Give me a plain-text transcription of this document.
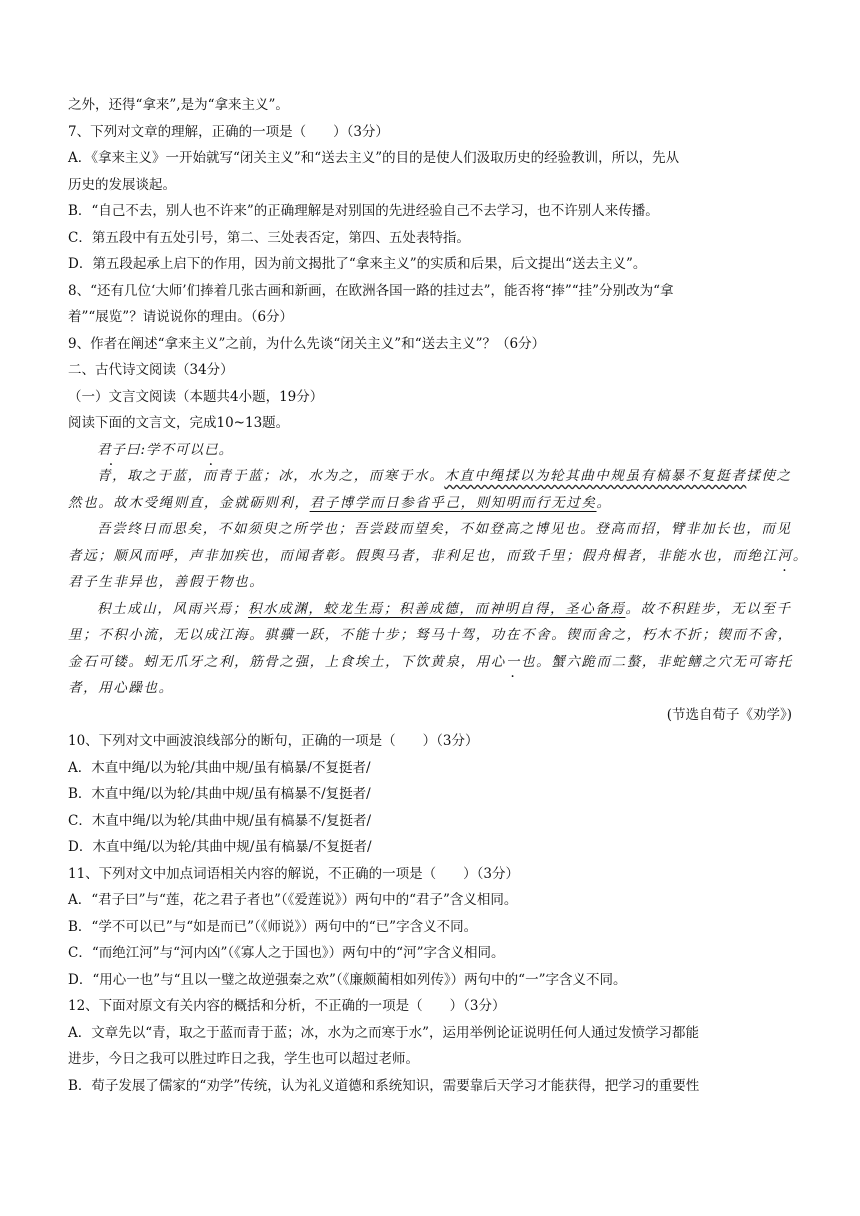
之外，还得“拿来”,是为“拿来主义”。
7、下列对文章的理解，正确的一项是（　　）（3分）
A．《拿来主义》一开始就写“闭关主义”和“送去主义”的目的是使人们汲取历史的经验教训，所以，先从
历史的发展谈起。
B．“自己不去，别人也不许来”的正确理解是对别国的先进经验自己不去学习，也不许别人来传播。
C．第五段中有五处引号，第二、三处表否定，第四、五处表特指。
D．第五段起承上启下的作用，因为前文揭批了“拿来主义”的实质和后果，后文提出“送去主义”。
8、“还有几位‘大师’们捧着几张古画和新画，在欧洲各国一路的挂过去”，能否将“捧”“挂”分别改为“拿
着”“展览”？请说说你的理由。（6分）
9、作者在阐述“拿来主义”之前，为什么先谈“闭关主义”和“送去主义”？（6分）
二、古代诗文阅读（34分）
（一）文言文阅读（本题共4小题，19分）
阅读下面的文言文，完成10~13题。
君子曰:学不可以已。
青，取之于蓝，而青于蓝；冰，水为之，而寒于水。木直中绳揉以为轮其曲中规虽有槁暴不复挺者揉使之
然也。故木受绳则直，金就砺则利，君子博学而日参省乎己，则知明而行无过矣。
吾尝终日而思矣，不如须臾之所学也；吾尝跂而望矣，不如登高之博见也。登高而招，臂非加长也，而见
者远；顺风而呼，声非加疾也，而闻者彰。假舆马者，非利足也，而致千里；假舟楫者，非能水也，而绝江河。
君子生非异也，善假于物也。
积土成山，风雨兴焉；积水成渊，蛟龙生焉；积善成德，而神明自得，圣心备焉。故不积跬步，无以至千
里；不积小流，无以成江海。骐骥一跃，不能十步；驽马十驾，功在不舍。锲而舍之，朽木不折；锲而不舍，
金石可镂。蚓无爪牙之利，筋骨之强，上食埃土，下饮黄泉，用心一也。蟹六跪而二螯，非蛇鳝之穴无可寄托
者，用心躁也。
(节选自荀子《劝学》)
10、下列对文中画波浪线部分的断句，正确的一项是（　　）（3分）
A．木直中绳/以为轮/其曲中规/虽有槁暴/不复挺者/
B．木直中绳/以为轮/其曲中规/虽有槁暴不/复挺者/
C．木直中绳/以为轮/其曲中规/虽有槁暴不/复挺者/
D．木直中绳/以为轮/其曲中规/虽有槁暴/不复挺者/
11、下列对文中加点词语相关内容的解说，不正确的一项是（　　）（3分）
A．“君子曰”与“莲，花之君子者也”（《爱莲说》）两句中的“君子”含义相同。
B．“学不可以已”与“如是而已”（《师说》）两句中的“已”字含义不同。
C．“而绝江河”与“河内凶”（《寡人之于国也》）两句中的“河”字含义相同。
D．“用心一也”与“且以一璧之故逆强秦之欢”（《廉颇蔺相如列传》）两句中的“一”字含义不同。
12、下面对原文有关内容的概括和分析，不正确的一项是（　　）（3分）
A．文章先以“青，取之于蓝而青于蓝；冰，水为之而寒于水”，运用举例论证说明任何人通过发愤学习都能
进步，今日之我可以胜过昨日之我，学生也可以超过老师。
B．荀子发展了儒家的“劝学”传统，认为礼义道德和系统知识，需要靠后天学习才能获得，把学习的重要性
